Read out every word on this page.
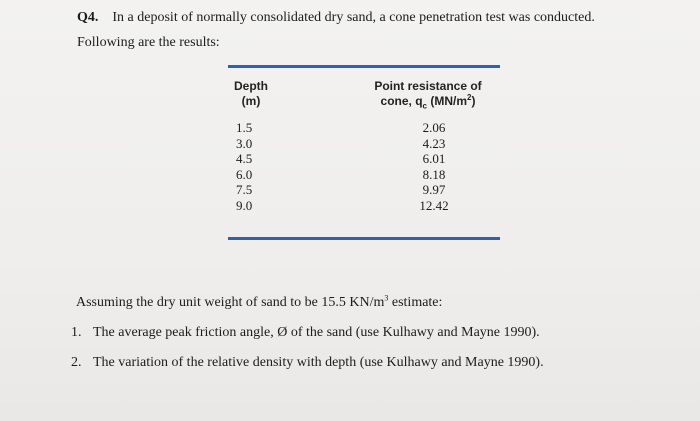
Q4. In a deposit of normally consolidated dry sand, a cone penetration test was conducted.
Following are the results:
Depth
(m)
Point resistance of
cone, $q_c$ $(MN/m^2)$
1.5
3.0
4.5
6.0
7.5
9.0
2.06
4.23
6.01
8.18
9.97
12.42
Assuming the dry unit weight of sand to be 15.5 $KN/m^3$ estimate:
1. The average peak friction angle, Ø of the sand (use Kulhawy and Mayne 1990).
2. The variation of the relative density with depth (use Kulhawy and Mayne 1990).
